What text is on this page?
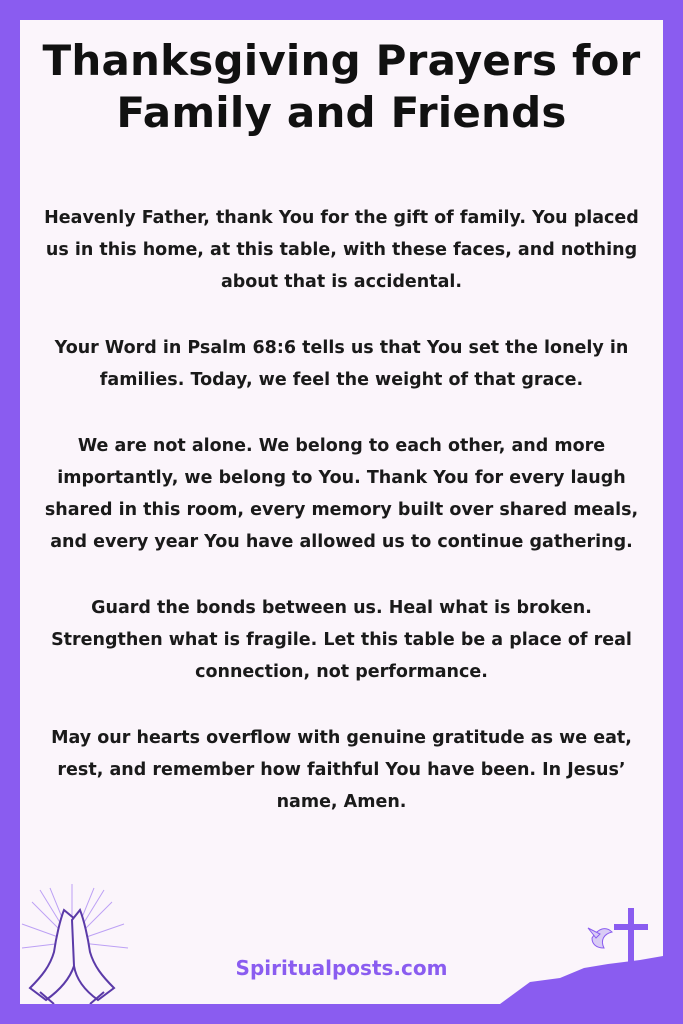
Thanksgiving Prayers for
Family and Friends

Heavenly Father, thank You for the gift of family. You placed us in this home, at this table, with these faces, and nothing about that is accidental.

Your Word in Psalm 68:6 tells us that You set the lonely in families. Today, we feel the weight of that grace.

We are not alone. We belong to each other, and more importantly, we belong to You. Thank You for every laugh shared in this room, every memory built over shared meals, and every year You have allowed us to continue gathering.

Guard the bonds between us. Heal what is broken. Strengthen what is fragile. Let this table be a place of real connection, not performance.

May our hearts overflow with genuine gratitude as we eat, rest, and remember how faithful You have been. In Jesus’ name, Amen.

Spiritualposts.com
